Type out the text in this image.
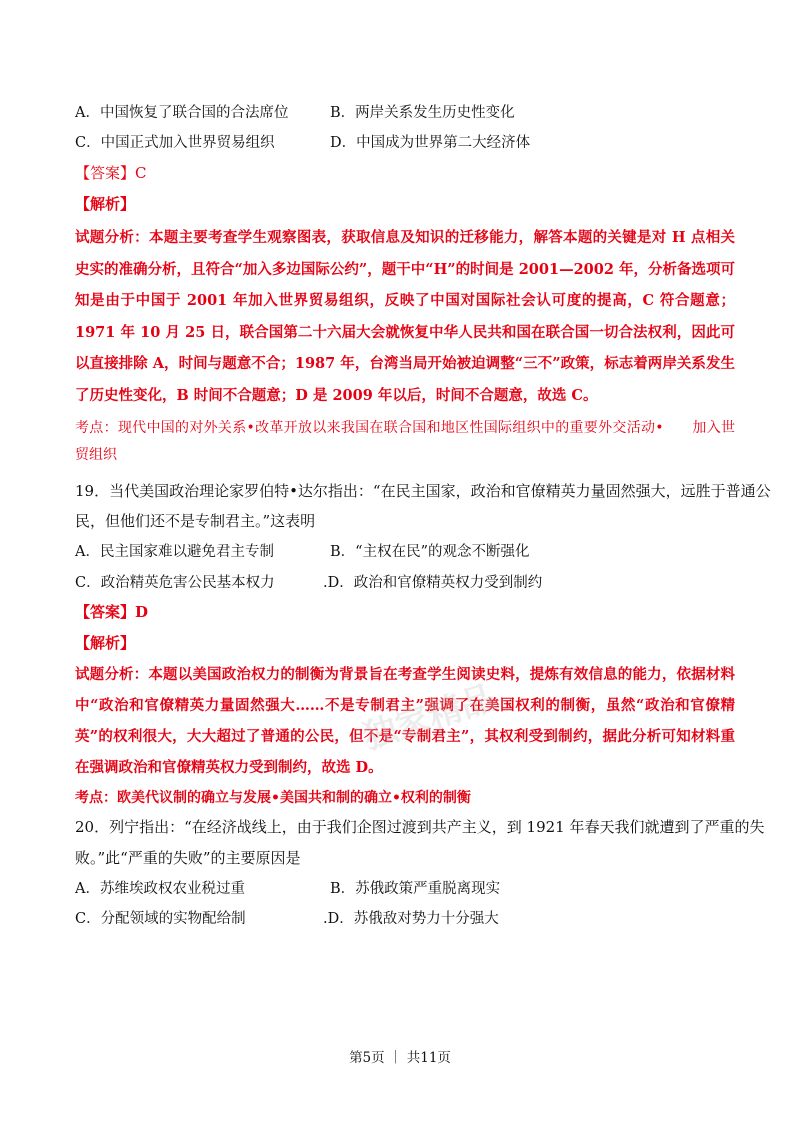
A．中国恢复了联合国的合法席位	B．两岸关系发生历史性变化
C．中国正式加入世界贸易组织	D．中国成为世界第二大经济体
【答案】C
【解析】
试题分析：本题主要考查学生观察图表，获取信息及知识的迁移能力，解答本题的关键是对 H 点相关史实的准确分析，且符合“加入多边国际公约”，题干中“H”的时间是 2001—2002 年，分析备选项可知是由于中国于 2001 年加入世界贸易组织，反映了中国对国际社会认可度的提高，C 符合题意；1971 年 10 月 25 日，联合国第二十六届大会就恢复中华人民共和国在联合国一切合法权利，因此可以直接排除 A，时间与题意不合；1987 年，台湾当局开始被迫调整“三不”政策，标志着两岸关系发生了历史性变化，B 时间不合题意；D 是 2009 年以后，时间不合题意，故选 C。
考点：现代中国的对外关系•改革开放以来我国在联合国和地区性国际组织中的重要外交活动•　　加入世贸组织
19．当代美国政治理论家罗伯特•达尔指出：“在民主国家，政治和官僚精英力量固然强大，远胜于普通公
民，但他们还不是专制君主。”这表明
A．民主国家难以避免君主专制	B．“主权在民”的观念不断强化
C．政治精英危害公民基本权力	.D．政治和官僚精英权力受到制约
【答案】D
【解析】
试题分析：本题以美国政治权力的制衡为背景旨在考查学生阅读史料，提炼有效信息的能力，依据材料中“政治和官僚精英力量固然强大……不是专制君主”强调了在美国权利的制衡，虽然“政治和官僚精英”的权利很大，大大超过了普通的公民，但不是“专制君主”，其权利受到制约，据此分析可知材料重在强调政治和官僚精英权力受到制约，故选 D。
考点：欧美代议制的确立与发展•美国共和制的确立•权利的制衡
20．列宁指出：“在经济战线上，由于我们企图过渡到共产主义，到 1921 年春天我们就遭到了严重的失
败。”此“严重的失败”的主要原因是
A．苏维埃政权农业税过重	B．苏俄政策严重脱离现实
C．分配领域的实物配给制	.D．苏俄敌对势力十分强大
独家精品
第5页 ｜ 共11页
